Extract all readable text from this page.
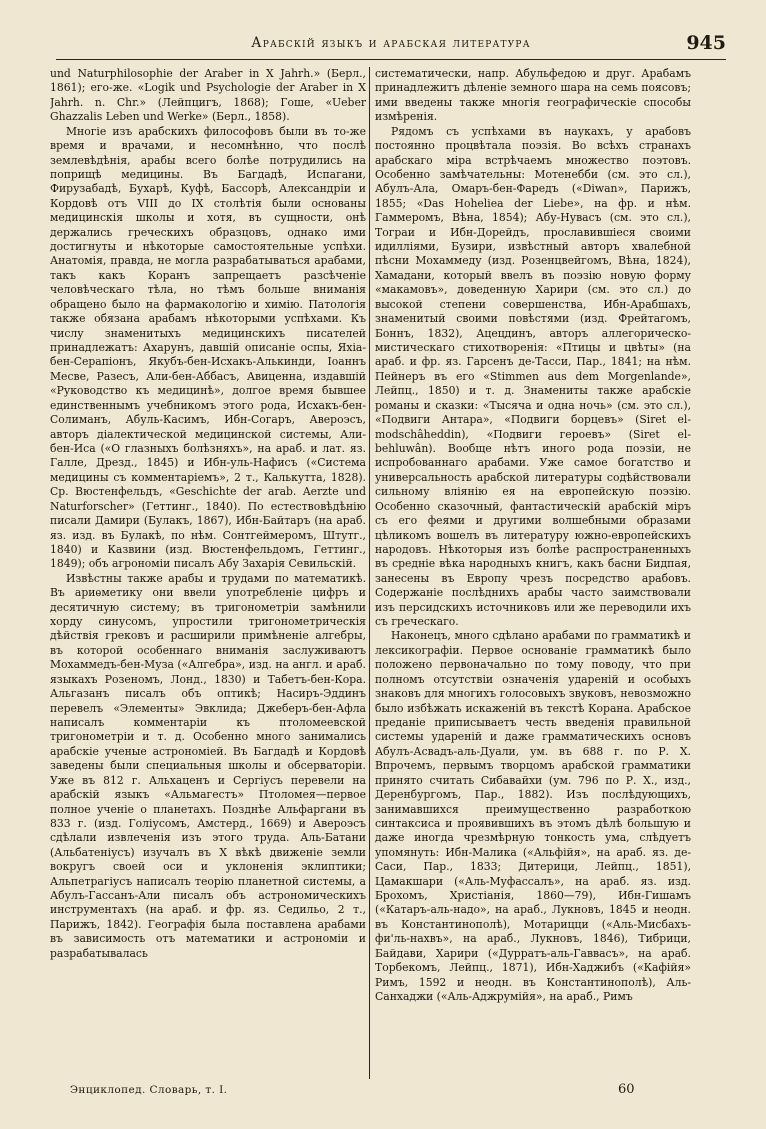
Арабскій языкъ и арабская литература	945

und Naturphilosophie der Araber in X Jahrh.» (Берл., 1861); его-же. «Logik und Psychologie der Araber in X Jahrh. n. Chr.» (Лейпцигъ, 1868); Гоше, «Ueber Ghazzalis Leben und Werke» (Берл., 1858).

Многіе изъ арабскихъ философовъ были въ то-же время и врачами, и несомнѣнно, что послѣ землевѣдѣнія, арабы всего болѣе потрудились на поприщѣ медицины. Въ Багдадѣ, Испагани, Фирузабадѣ, Бухарѣ, Куфѣ, Бассорѣ, Александріи и Кордовѣ отъ VIII до IX столѣтія были основаны медицинскія школы и хотя, въ сущности, онѣ держались греческихъ образцовъ, однако ими достигнуты и нѣкоторые самостоятельные успѣхи. Анатомія, правда, не могла разрабатываться арабами, такъ какъ Коранъ запрещаетъ разсѣченіе человѣческаго тѣла, но тѣмъ больше вниманія обращено было на фармакологію и химію. Патологія также обязана арабамъ нѣкоторыми успѣхами. Къ числу знаменитыхъ медицинскихъ писателей принадлежатъ: Ахарунъ, давшій описаніе оспы, Яхіа-бен-Серапіонъ, Якубъ-бен-Исхакъ-Алькинди, Іоаннъ Месве, Разесъ, Али-бен-Аббасъ, Авиценна, издавшій «Руководство къ медицинѣ», долгое время бывшее единственнымъ учебникомъ этого рода, Исхакъ-бен-Солиманъ, Абуль-Касимъ, Ибн-Согаръ, Авероэсъ, авторъ діалектической медицинской системы, Али-бен-Иса («О глазныхъ болѣзняхъ», на араб. и лат. яз. Галле, Дрезд., 1845) и Ибн-уль-Нафисъ («Система медицины съ комментаріемъ», 2 т., Калькутта, 1828). Ср. Вюстенфельдъ, «Geschichte der arab. Aerzte und Naturforscher» (Геттинг., 1840). По естествовѣдѣнію писали Дамири (Булакъ, 1867), Ибн-Байтаръ (на араб. яз. изд. въ Булакѣ, по нѣм. Сонтгеймеромъ, Штутг., 1840) и Казвини (изд. Вюстенфельдомъ, Геттинг., 1849); объ агрономіи писалъ Абу Захарія Севильскій.

Извѣстны также арабы и трудами по математикѣ. Въ ариѳметику они ввели употребленіе цифръ и десятичную систему; въ тригонометріи замѣнили хорду синусомъ, упростили тригонометрическія дѣйствія грековъ и расширили примѣненіе алгебры, въ которой особеннаго вниманія заслуживаютъ Мохаммедъ-бен-Муза («Алгебра», изд. на англ. и араб. языкахъ Розеномъ, Лонд., 1830) и Табетъ-бен-Кора. Альгазанъ писалъ объ оптикѣ; Насиръ-Эддинъ перевелъ «Элементы» Эвклида; Джеберъ-бен-Афла написалъ комментаріи къ птоломеевской тригонометріи и т. д. Особенно много занимались арабскіе ученые астрономіей. Въ Багдадѣ и Кордовѣ заведены были специальныя школы и обсерваторіи. Уже въ 812 г. Альхаценъ и Сергіусъ перевели на арабскій языкъ «Альмагестъ» Птоломея—первое полное ученіе о планетахъ. Позднѣе Альфаргани въ 833 г. (изд. Голіусомъ, Амстерд., 1669) и Авероэсъ сдѣлали извлеченія изъ этого труда. Аль-Батани (Альбатеніусъ) изучалъ въ X вѣкѣ движеніе земли вокругъ своей оси и уклоненія эклиптики; Альпетрагіусъ написалъ теорію планетной системы, а Абулъ-Гассанъ-Али писалъ объ астрономическихъ инструментахъ (на араб. и фр. яз. Седильо, 2 т., Парижъ, 1842). Географія была поставлена арабами въ зависимость отъ математики и астрономіи и разрабатывалась

систематически, напр. Абульфедою и друг. Арабамъ принадлежитъ дѣленіе земного шара на семь поясовъ; ими введены также многія географическіе способы измѣренія.

Рядомъ съ успѣхами въ наукахъ, у арабовъ постоянно процвѣтала поэзія. Во всѣхъ странахъ арабскаго міра встрѣчаемъ множество поэтовъ. Особенно замѣчательны: Мотенебби (см. это сл.), Абулъ-Ала, Омаръ-бен-Фаредъ («Diwan», Парижъ, 1855; «Das Hoheliea der Liebe», на фр. и нѣм. Гаммеромъ, Вѣна, 1854); Абу-Нувасъ (см. это сл.), Тограи и Ибн-Дорейдъ, прославившіеся своими идилліями, Бузири, извѣстный авторъ хвалебной пѣсни Мохаммеду (изд. Розенцвейгомъ, Вѣна, 1824), Хамадани, который ввелъ въ поэзію новую форму «макамовъ», доведенную Харири (см. это сл.) до высокой степени совершенства, Ибн-Арабшахъ, знаменитый своими повѣстями (изд. Фрейтагомъ, Боннъ, 1832), Ацецдинъ, авторъ аллегорическо-мистическаго стихотворенія: «Птицы и цвѣты» (на араб. и фр. яз. Гарсенъ де-Тасси, Пар., 1841; на нѣм. Пейнеръ въ его «Stimmen aus dem Morgenlande», Лейпц., 1850) и т. д. Знамениты также арабскіе романы и сказки: «Тысяча и одна ночь» (см. это сл.), «Подвиги Антара», «Подвиги борцевъ» (Siret el-modschâheddin), «Подвиги героевъ» (Siret el-behluwân). Вообще нѣтъ иного рода поэзіи, не испробованнаго арабами. Уже самое богатство и универсальность арабской литературы содѣйствовали сильному вліянію ея на европейскую поэзію. Особенно сказочный, фантастическій арабскій міръ съ его феями и другими волшебными образами цѣликомъ вошелъ въ литературу южно-европейскихъ народовъ. Нѣкоторыя изъ болѣе распространенныхъ въ средніе вѣка народныхъ книгъ, какъ басни Бидпая, занесены въ Европу чрезъ посредство арабовъ. Содержаніе послѣднихъ арабы часто заимствовали изъ персидскихъ источниковъ или же переводили ихъ съ греческаго.

Наконецъ, много сдѣлано арабами по грамматикѣ и лексикографіи. Первое основаніе грамматикѣ было положено первоначально по тому поводу, что при полномъ отсутствіи означенія удареній и особыхъ знаковъ для многихъ голосовыхъ звуковъ, невозможно было избѣжать искаженій въ текстѣ Корана. Арабское преданіе приписываетъ честь введенія правильной системы удареній и даже грамматическихъ основъ Абулъ-Асвадъ-аль-Дуали, ум. въ 688 г. по Р. Х. Впрочемъ, первымъ творцомъ арабской грамматики принято считать Сибавайхи (ум. 796 по Р. Х., изд., Деренбургомъ, Пар., 1882). Изъ послѣдующихъ, занимавшихся преимущественно разработкою синтаксиса и проявившихъ въ этомъ дѣлѣ большую и даже иногда чрезмѣрную тонкость ума, слѣдуетъ упомянуть: Ибн-Малика («Альфійя», на араб. яз. де-Саси, Пар., 1833; Дитерици, Лейпц., 1851), Цамакшари («Аль-Муфассалъ», на араб. яз. изд. Брохомъ, Христіанія, 1860—79), Ибн-Гишамъ («Катаръ-аль-надо», на араб., Лукновъ, 1845 и неодн. въ Константинополѣ), Мотарицци («Аль-Мисбахъ-фи'ль-нахвъ», на араб., Лукновъ, 1846), Тибрици, Байдави, Харири («Дурратъ-аль-Гаввасъ», на араб. Торбекомъ, Лейпц., 1871), Ибн-Хаджибъ («Кафійя» Римъ, 1592 и неодн. въ Константинополѣ), Аль-Санхаджи («Аль-Аджрумійя», на араб., Римъ

Энциклопед. Словарь, т. I.	60
